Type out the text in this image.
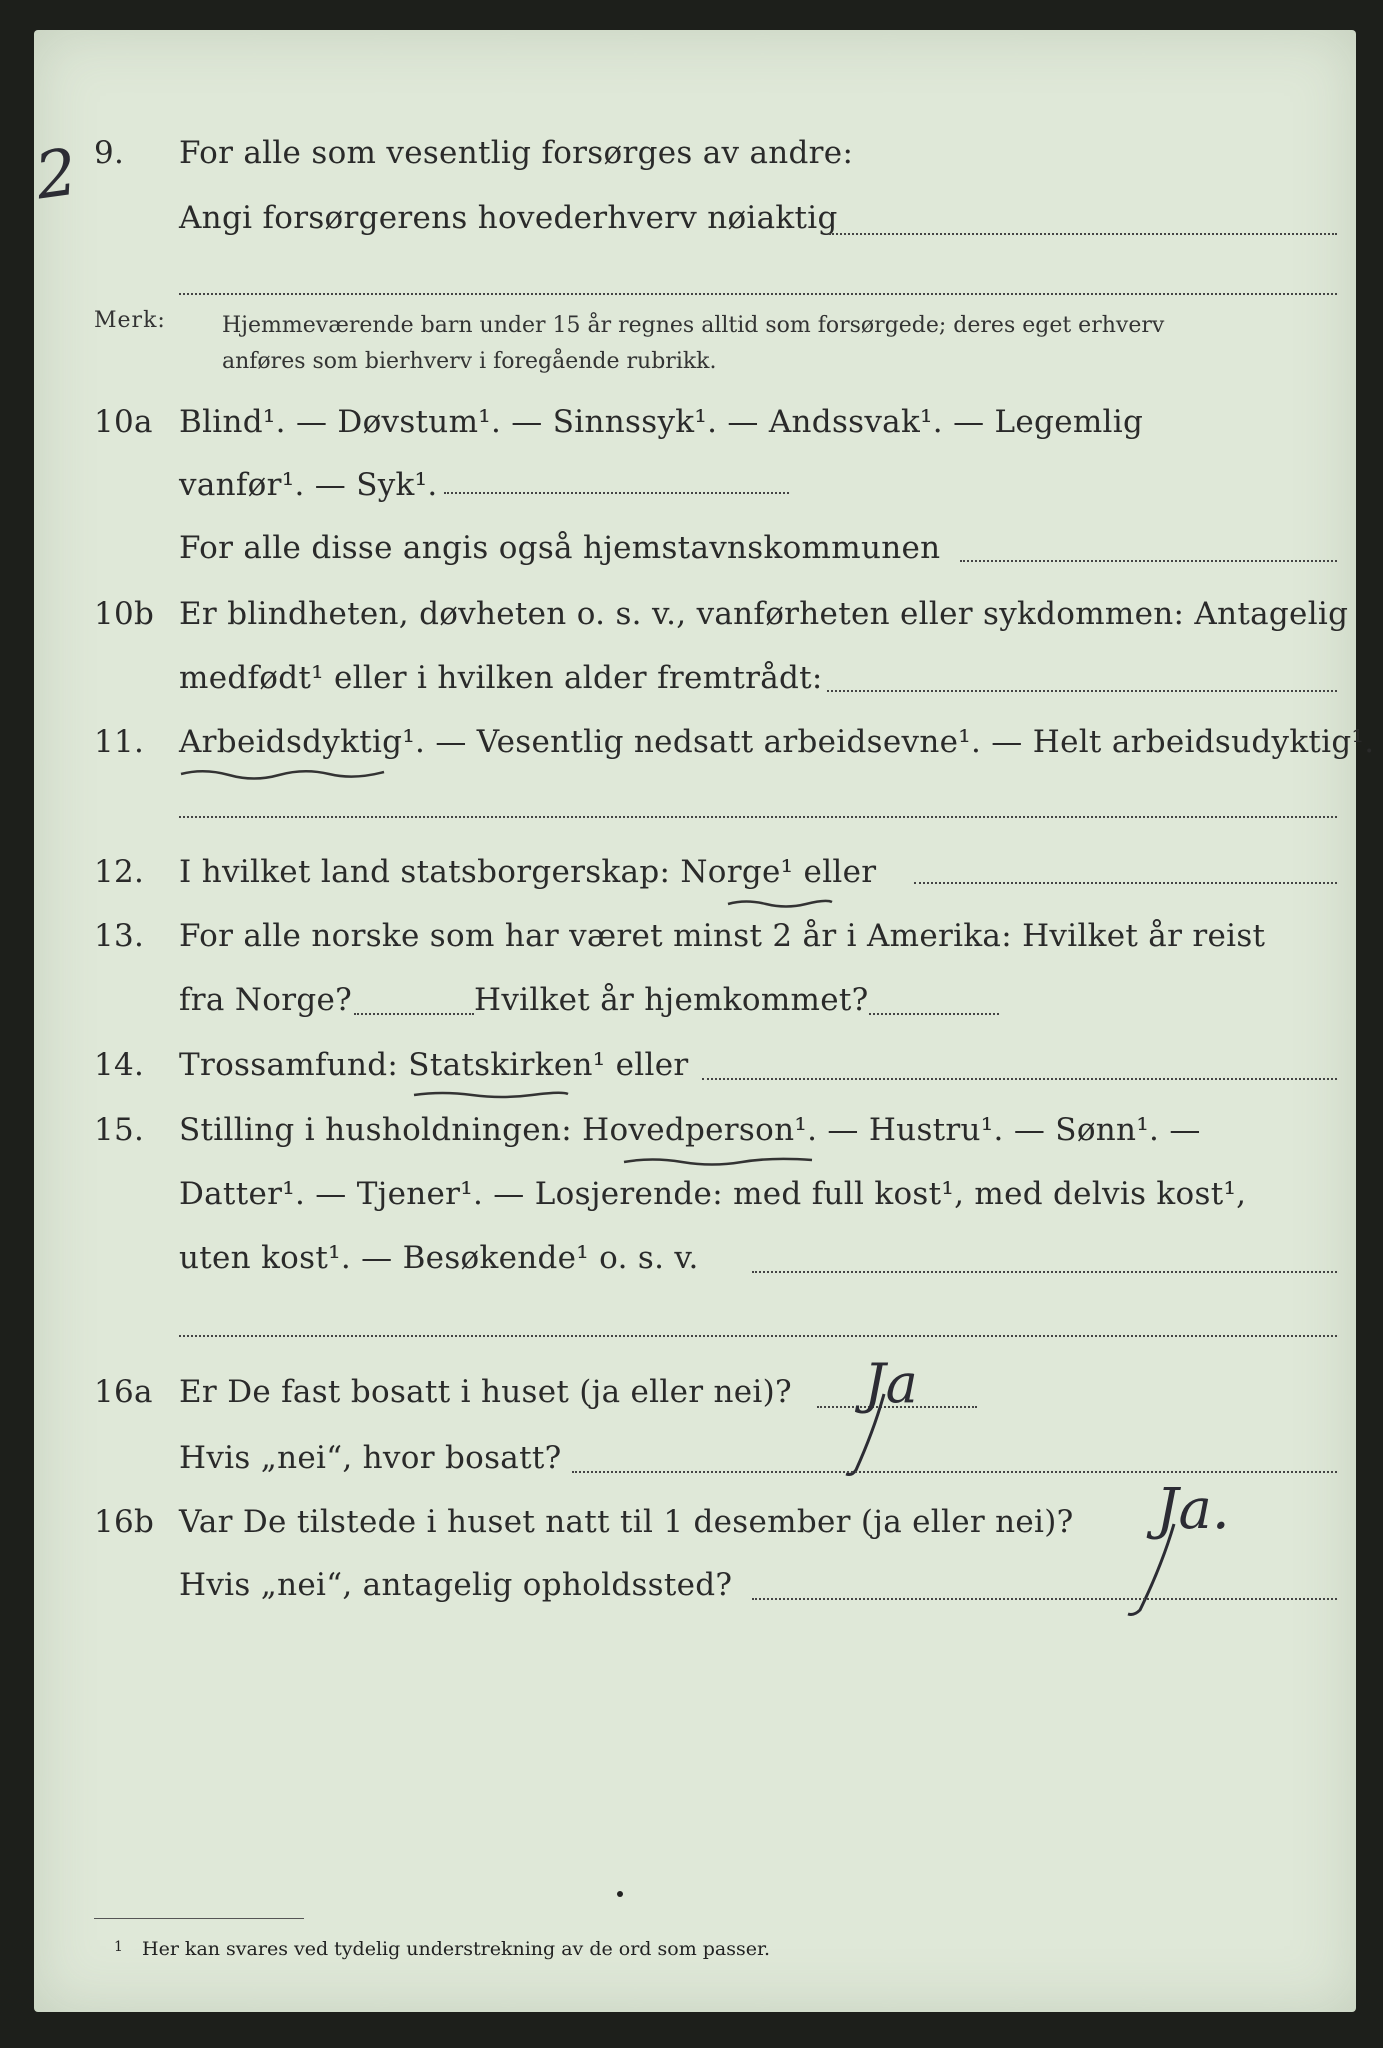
2 9. For alle som vesentlig forsørges av andre:
Angi forsørgerens hovederhverv nøiaktig
Merk:	Hjemmeværende barn under 15 år regnes alltid som forsørgede; deres eget erhverv
anføres som bierhverv i foregående rubrikk.
10a Blind¹. — Døvstum¹. — Sinnssyk¹. — Andssvak¹. — Legemlig
vanfør¹. — Syk¹.
For alle disse angis også hjemstavnskommunen
10b Er blindheten, døvheten o. s. v., vanførheten eller sykdommen: Antagelig
medfødt¹ eller i hvilken alder fremtrådt:
11. Arbeidsdyktig¹. — Vesentlig nedsatt arbeidsevne¹. — Helt arbeidsudyktig¹.
12. I hvilket land statsborgerskap: Norge¹ eller
13. For alle norske som har været minst 2 år i Amerika: Hvilket år reist
fra Norge?	Hvilket år hjemkommet?
14. Trossamfund: Statskirken¹ eller
15. Stilling i husholdningen: Hovedperson¹. — Hustru¹. — Sønn¹. —
Datter¹. — Tjener¹. — Losjerende: med full kost¹, med delvis kost¹,
uten kost¹. — Besøkende¹ o. s. v.
16a Er De fast bosatt i huset (ja eller nei)? Ja
Hvis „nei“, hvor bosatt?
16b Var De tilstede i huset natt til 1 desember (ja eller nei)? Ja.
Hvis „nei“, antagelig opholdssted?
1 Her kan svares ved tydelig understrekning av de ord som passer.
